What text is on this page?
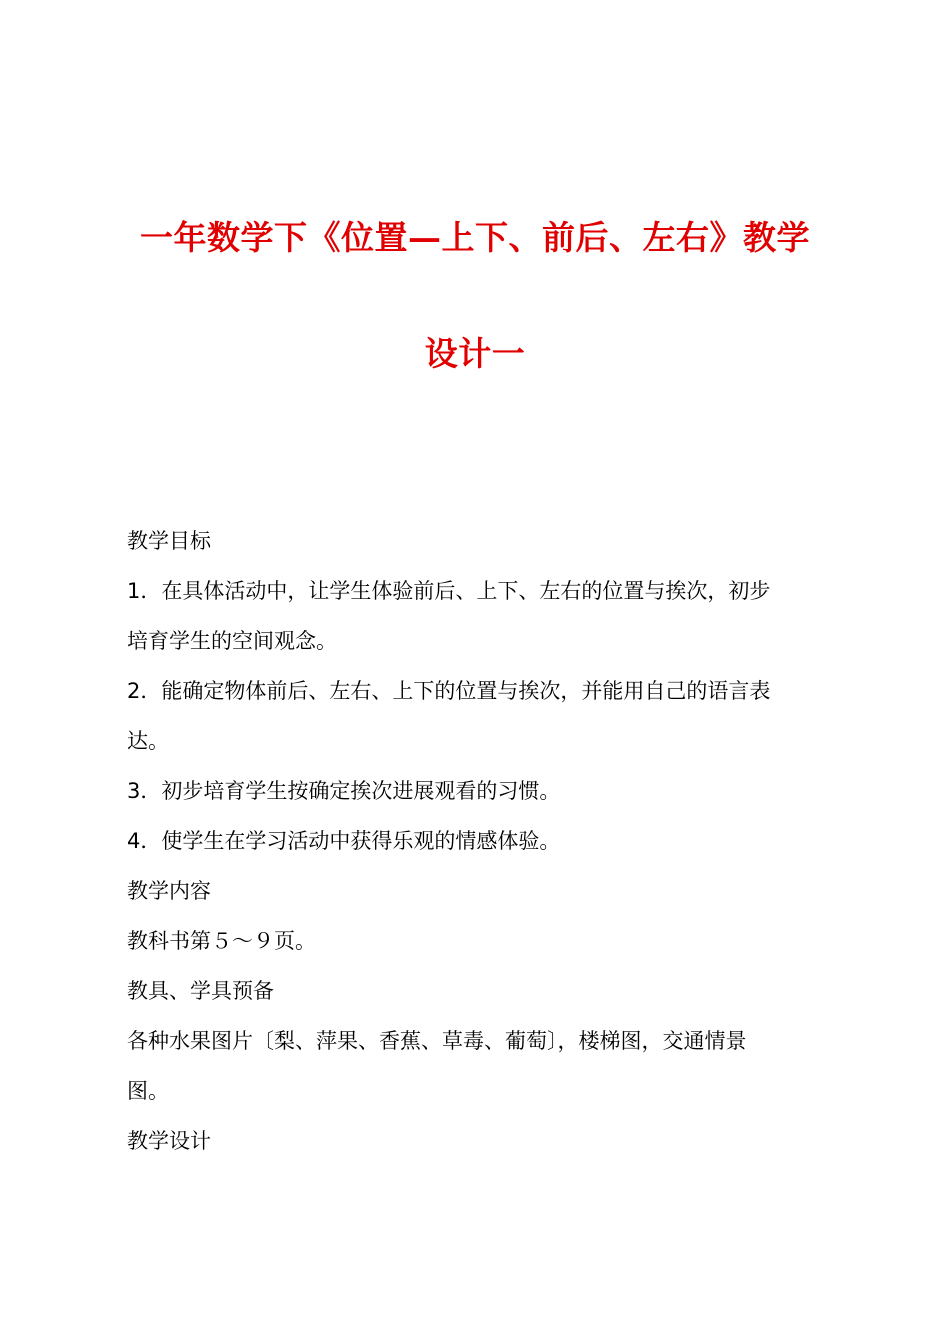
一年数学下《位置—上下、前后、左右》教学
设计一
教学目标
1．在具体活动中，让学生体验前后、上下、左右的位置与挨次，初步
培育学生的空间观念。
2．能确定物体前后、左右、上下的位置与挨次，并能用自己的语言表
达。
3．初步培育学生按确定挨次进展观看的习惯。
4．使学生在学习活动中获得乐观的情感体验。
教学内容
教科书第５～９页。
教具、学具预备
各种水果图片〔梨、萍果、香蕉、草毒、葡萄〕，楼梯图，交通情景
图。
教学设计
